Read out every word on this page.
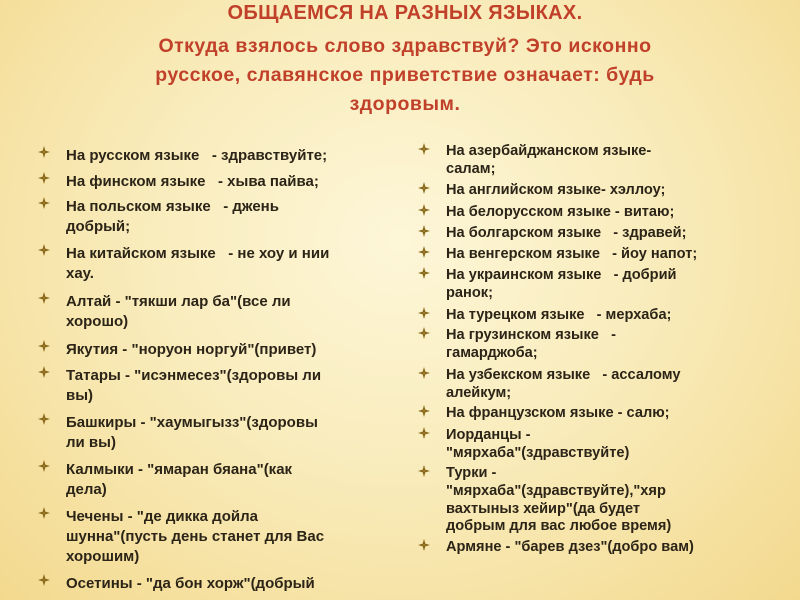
ОБЩАЕМСЯ НА РАЗНЫХ ЯЗЫКАХ.
Откуда взялось слово здравствуй? Это исконно
русское, славянское приветствие означает: будь
здоровым.
На русском языке   - здравствуйте;
На финском языке   - хыва пайва;
На польском языке   - джень
добрый;
На китайском языке   - не хоу и нии
хау.
Алтай - "тякши лар ба"(все ли
хорошо)
Якутия - "норуон норгуй"(привет)
Татары - "исэнмесез"(здоровы ли
вы)
Башкиры - "хаумыгызз"(здоровы
ли вы)
Калмыки - "ямаран бяана"(как
дела)
Чечены - "де дикка дойла
шунна"(пусть день станет для Вас
хорошим)
Осетины - "да бон хорж"(добрый
На азербайджанском языке-
салам;
На английском языке- хэллоу;
На белорусском языке - витаю;
На болгарском языке   - здравей;
На венгерском языке   - йоу напот;
На украинском языке   - добрий
ранок;
На турецком языке   - мерхаба;
На грузинском языке   -
гамарджоба;
На узбекском языке   - ассалому
алейкум;
На французском языке - салю;
Иорданцы -
"мярхаба"(здравствуйте)
Турки -
"мярхаба"(здравствуйте),"хяр
вахтыныз хейир"(да будет
добрым для вас любое время)
Армяне - "барев дзез"(добро вам)
